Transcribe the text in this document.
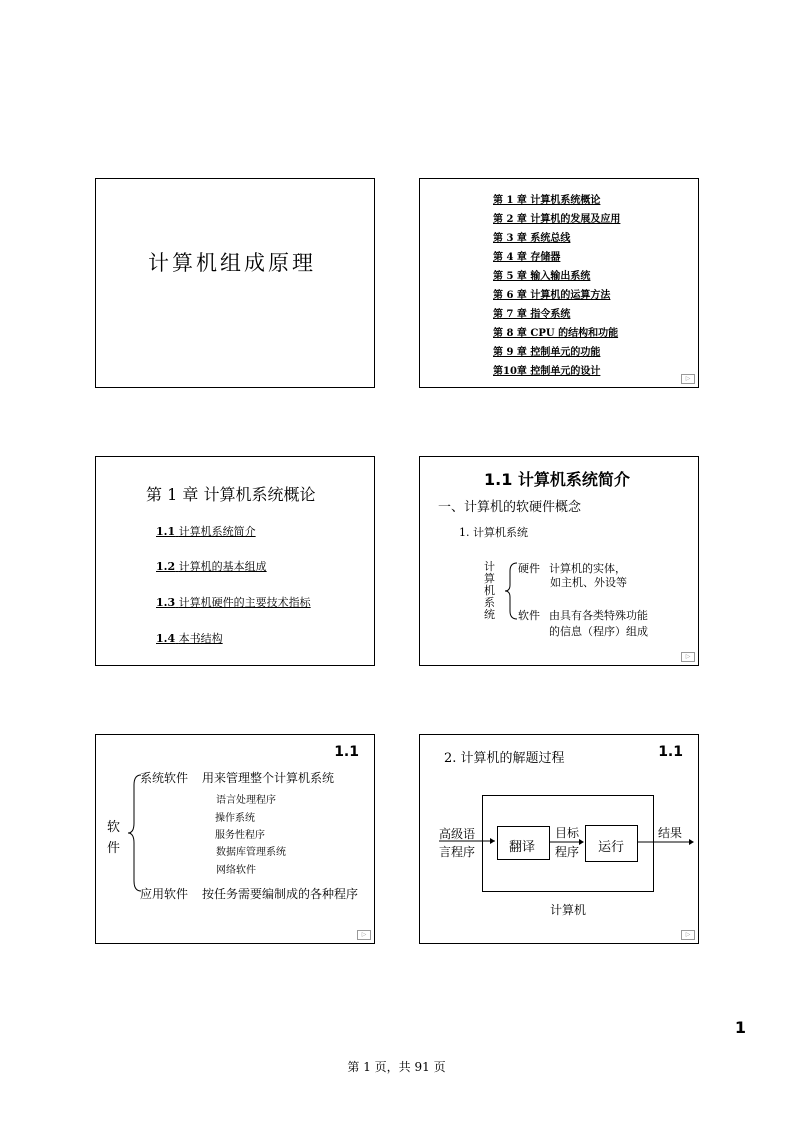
计算机组成原理
第 1 章 计算机系统概论
第 2 章 计算机的发展及应用
第 3 章 系统总线
第 4 章 存储器
第 5 章 输入输出系统
第 6 章 计算机的运算方法
第 7 章 指令系统
第 8 章 CPU 的结构和功能
第 9 章 控制单元的功能
第10章 控制单元的设计
▷
第 1 章 计算机系统概论
1.1 计算机系统简介
1.2 计算机的基本组成
1.3 计算机硬件的主要技术指标
1.4 本书结构
1.1 计算机系统简介
一、计算机的软硬件概念
1. 计算机系统
计
算
机
系
统
硬件 计算机的实体，
如主机、外设等
软件 由具有各类特殊功能
的信息（程序）组成
▷
1.1
软
件
系统软件 用来管理整个计算机系统
语言处理程序
操作系统
服务性程序
数据库管理系统
网络软件
应用软件 按任务需要编制成的各种程序
▷
2. 计算机的解题过程	1.1
高级语
言程序	翻译
目标
程序 运行
结果
计算机
▷
1
第 1 页，共 91 页
